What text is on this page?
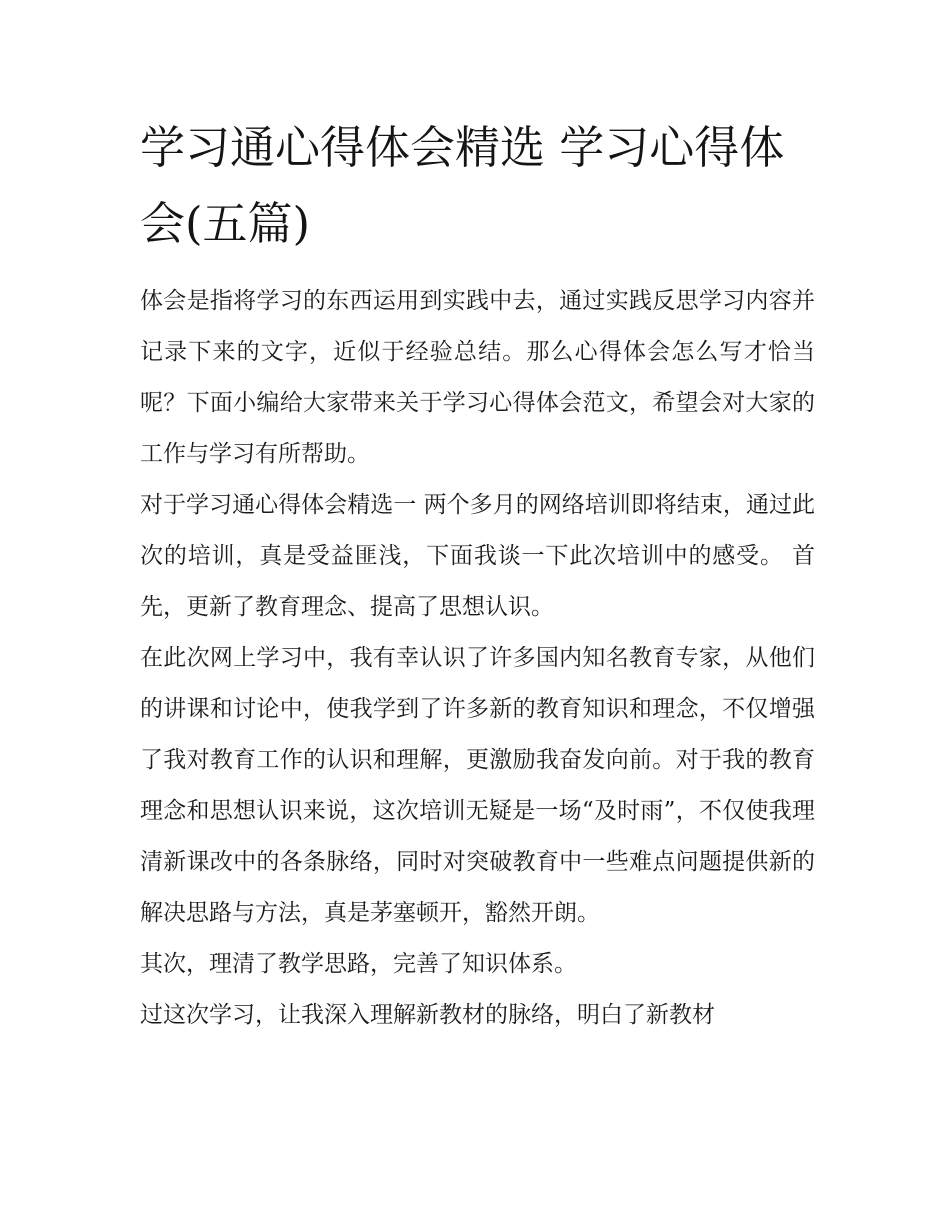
学习通心得体会精选 学习心得体会(五篇)

体会是指将学习的东西运用到实践中去，通过实践反思学习内容并记录下来的文字，近似于经验总结。那么心得体会怎么写才恰当呢？下面小编给大家带来关于学习心得体会范文，希望会对大家的工作与学习有所帮助。

对于学习通心得体会精选一 两个多月的网络培训即将结束，通过此次的培训，真是受益匪浅，下面我谈一下此次培训中的感受。 首先，更新了教育理念、提高了思想认识。

在此次网上学习中，我有幸认识了许多国内知名教育专家，从他们的讲课和讨论中，使我学到了许多新的教育知识和理念，不仅增强了我对教育工作的认识和理解，更激励我奋发向前。对于我的教育理念和思想认识来说，这次培训无疑是一场“及时雨”，不仅使我理清新课改中的各条脉络，同时对突破教育中一些难点问题提供新的解决思路与方法，真是茅塞顿开，豁然开朗。

其次，理清了教学思路，完善了知识体系。

过这次学习，让我深入理解新教材的脉络，明白了新教材
